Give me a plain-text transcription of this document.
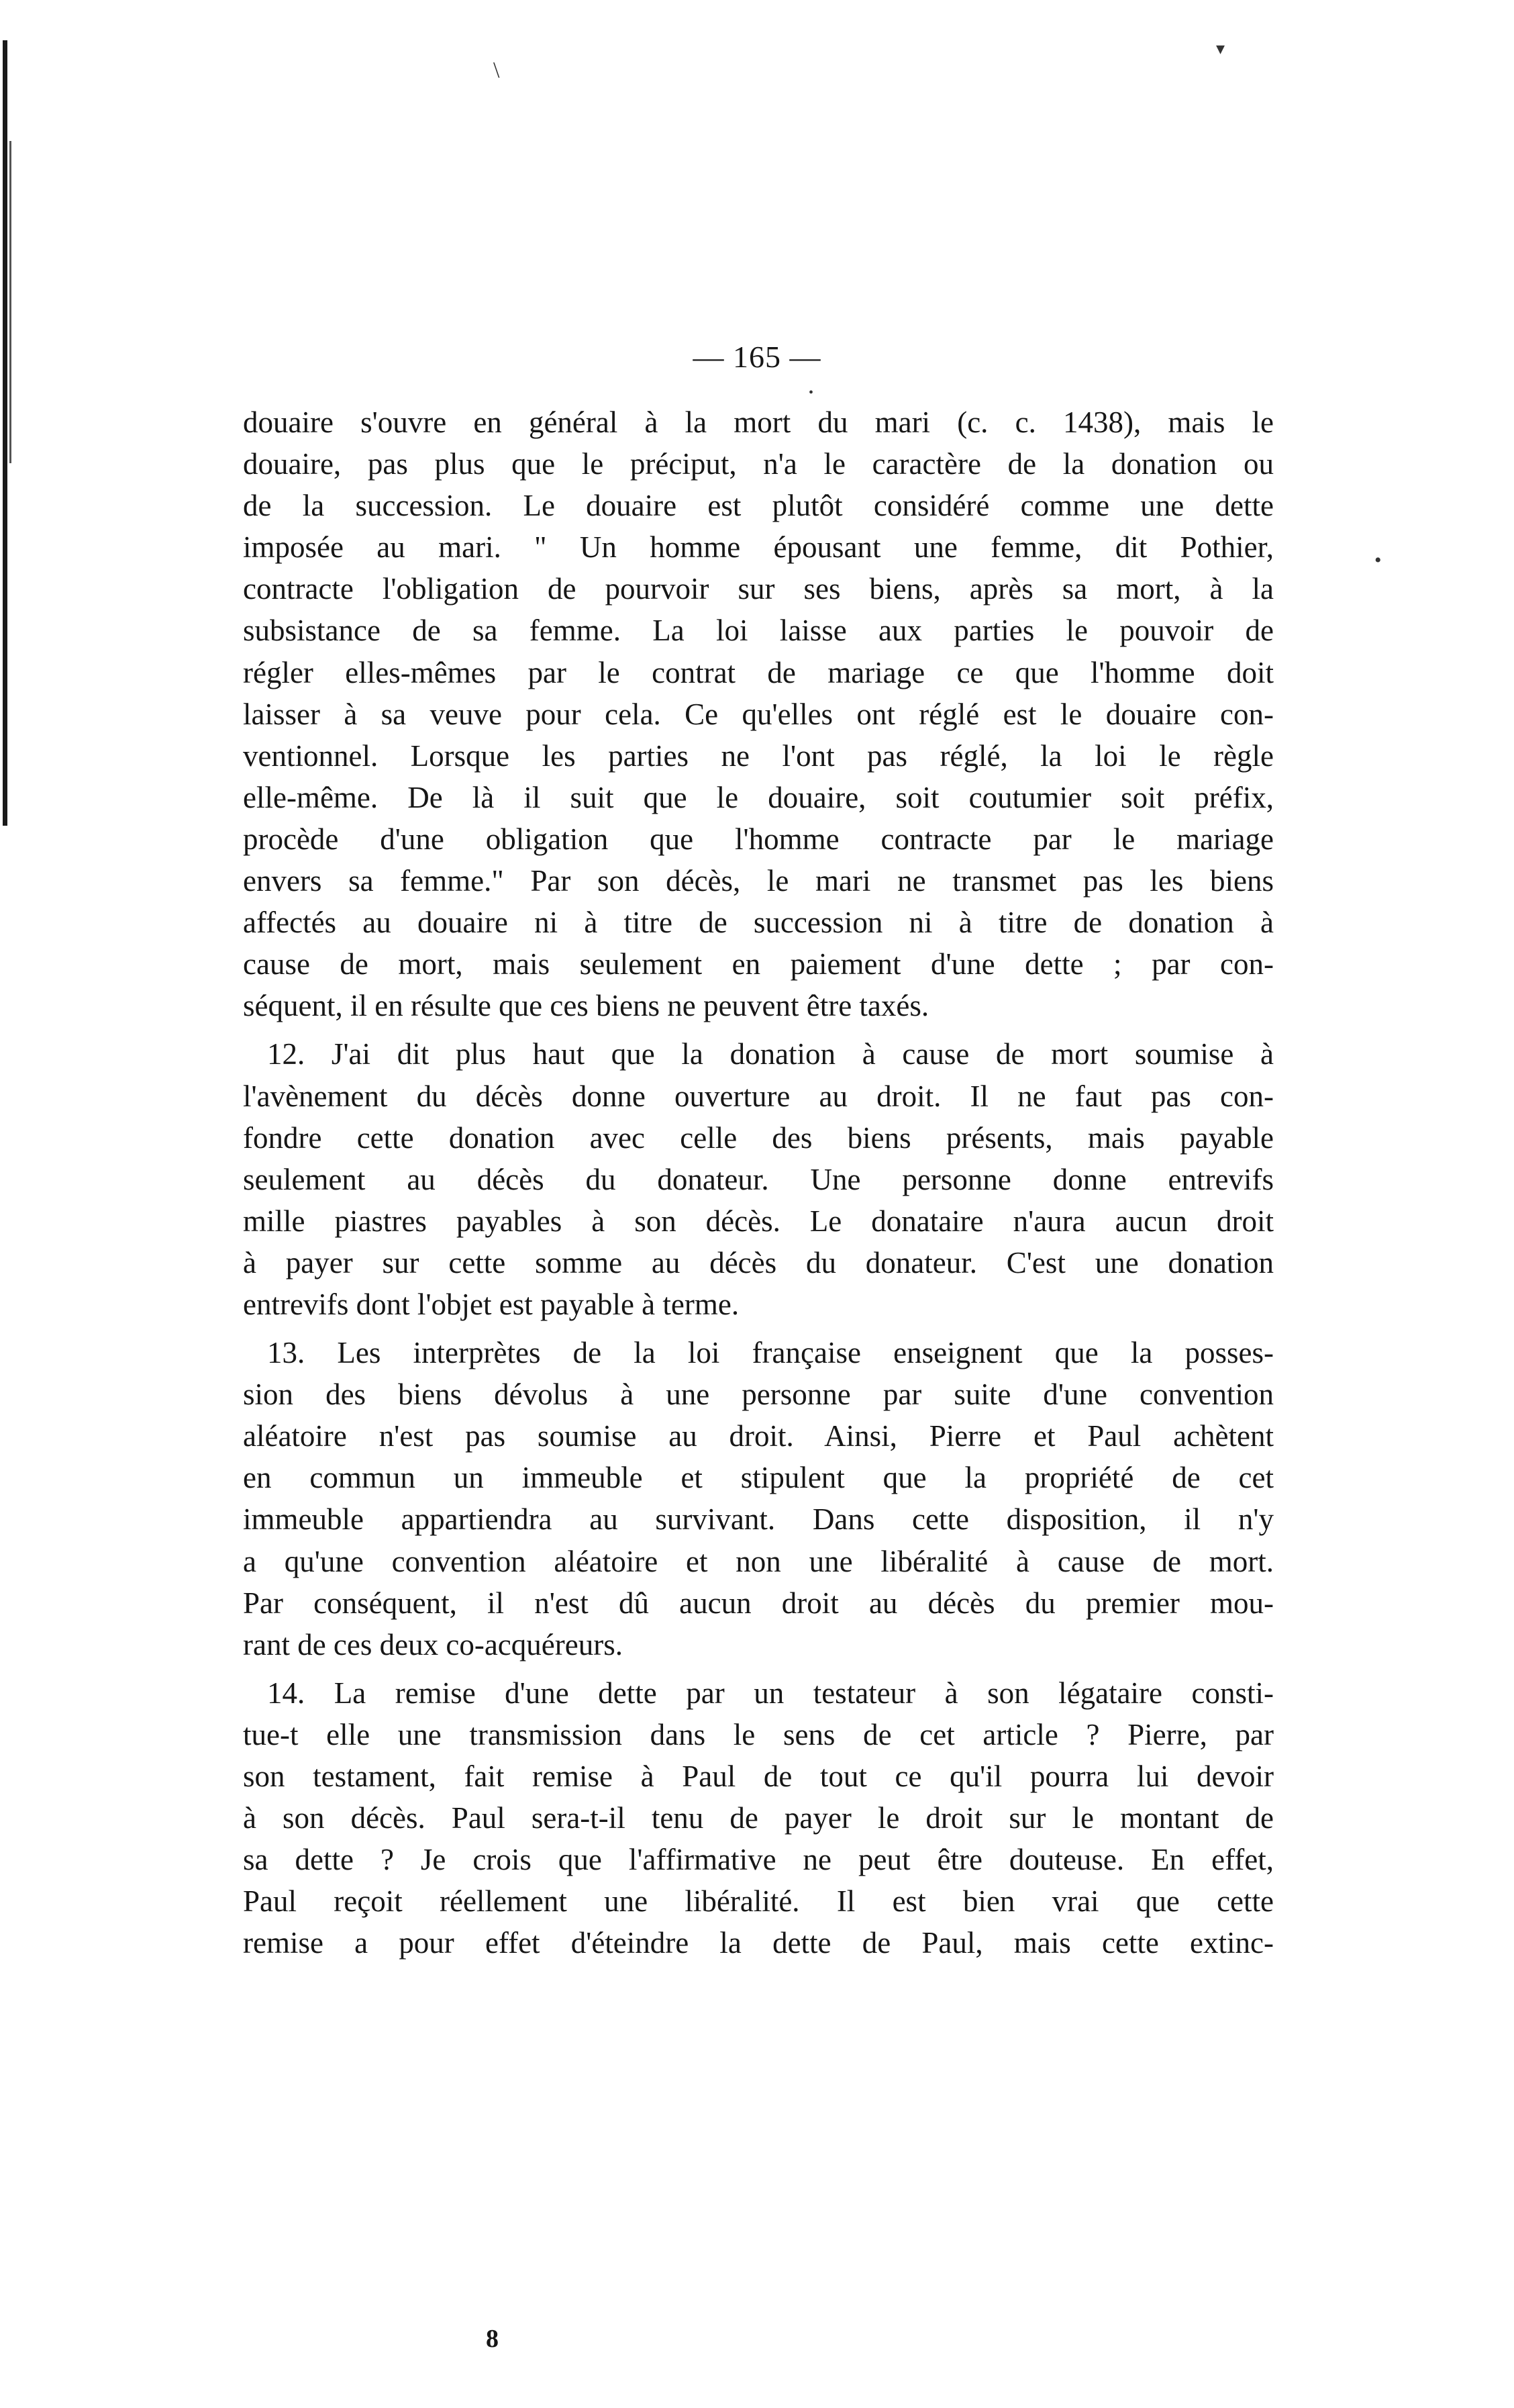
\
▾
•
•
— 165 —
douaire s'ouvre en général à la mort du mari (c. c. 1438), mais le
douaire, pas plus que le préciput, n'a le caractère de la donation ou
de la succession. Le douaire est plutôt considéré comme une dette
imposée au mari. " Un homme épousant une femme, dit Pothier,
contracte l'obligation de pourvoir sur ses biens, après sa mort, à la
subsistance de sa femme. La loi laisse aux parties le pouvoir de
régler elles-mêmes par le contrat de mariage ce que l'homme doit
laisser à sa veuve pour cela. Ce qu'elles ont réglé est le douaire con-
ventionnel. Lorsque les parties ne l'ont pas réglé, la loi le règle
elle-même. De là il suit que le douaire, soit coutumier soit préfix,
procède d'une obligation que l'homme contracte par le mariage
envers sa femme." Par son décès, le mari ne transmet pas les biens
affectés au douaire ni à titre de succession ni à titre de donation à
cause de mort, mais seulement en paiement d'une dette ; par con-
séquent, il en résulte que ces biens ne peuvent être taxés.
12. J'ai dit plus haut que la donation à cause de mort soumise à
l'avènement du décès donne ouverture au droit. Il ne faut pas con-
fondre cette donation avec celle des biens présents, mais payable
seulement au décès du donateur. Une personne donne entrevifs
mille piastres payables à son décès. Le donataire n'aura aucun droit
à payer sur cette somme au décès du donateur. C'est une donation
entrevifs dont l'objet est payable à terme.
13. Les interprètes de la loi française enseignent que la posses-
sion des biens dévolus à une personne par suite d'une convention
aléatoire n'est pas soumise au droit. Ainsi, Pierre et Paul achètent
en commun un immeuble et stipulent que la propriété de cet
immeuble appartiendra au survivant. Dans cette disposition, il n'y
a qu'une convention aléatoire et non une libéralité à cause de mort.
Par conséquent, il n'est dû aucun droit au décès du premier mou-
rant de ces deux co-acquéreurs.
14. La remise d'une dette par un testateur à son légataire consti-
tue-t elle une transmission dans le sens de cet article ? Pierre, par
son testament, fait remise à Paul de tout ce qu'il pourra lui devoir
à son décès. Paul sera-t-il tenu de payer le droit sur le montant de
sa dette ? Je crois que l'affirmative ne peut être douteuse. En effet,
Paul reçoit réellement une libéralité. Il est bien vrai que cette
remise a pour effet d'éteindre la dette de Paul, mais cette extinc-
8
